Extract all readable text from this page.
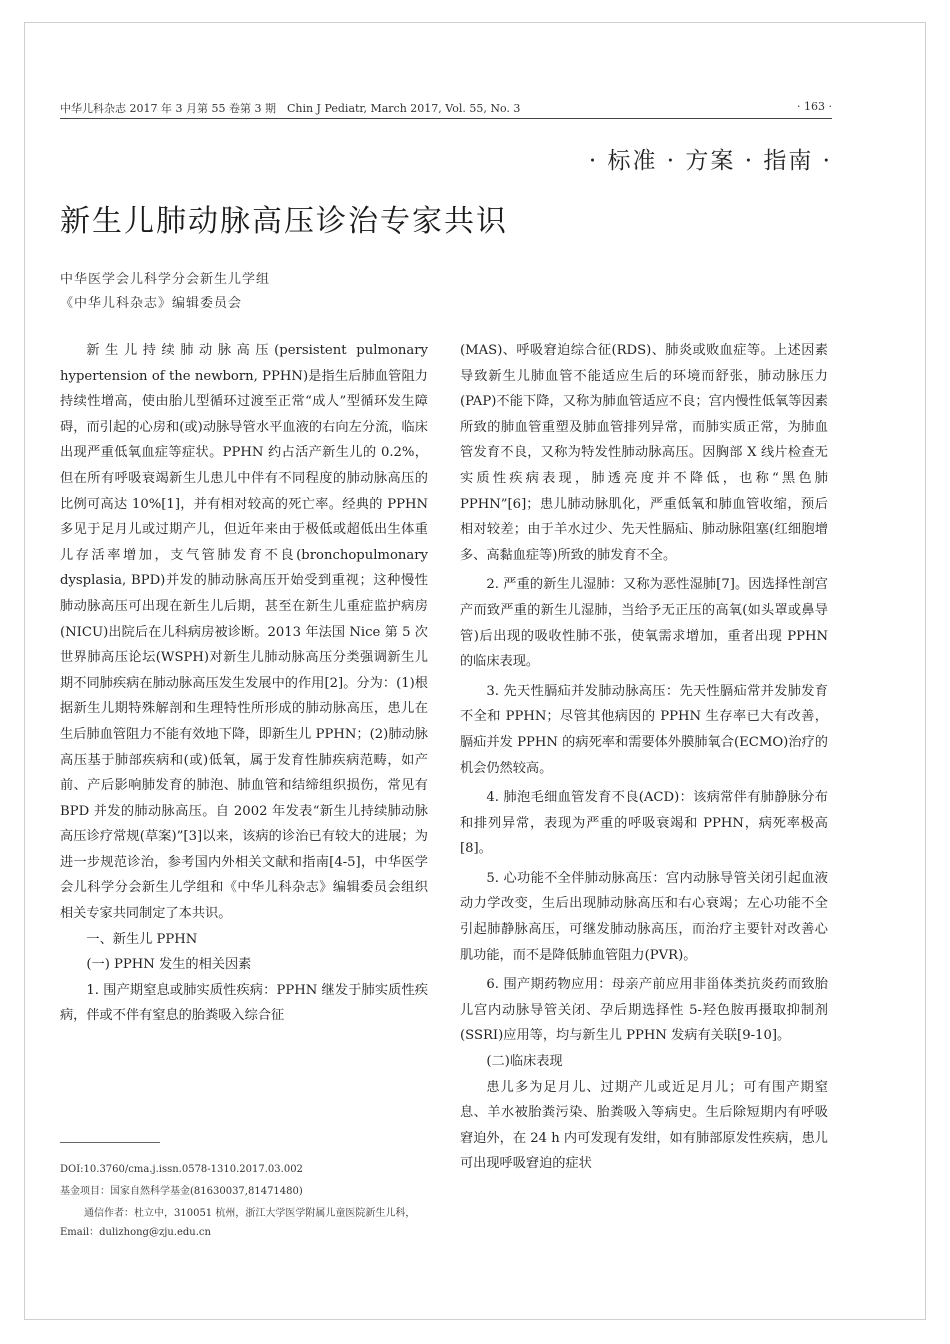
中华儿科杂志 2017 年 3 月第 55 卷第 3 期　Chin J Pediatr, March 2017, Vol. 55, No. 3	· 163 ·
· 标准 · 方案 · 指南 ·
新生儿肺动脉高压诊治专家共识
中华医学会儿科学分会新生儿学组
《中华儿科杂志》编辑委员会

新生儿持续肺动脉高压(persistent pulmonary hypertension of the newborn, PPHN)是指生后肺血管阻力持续性增高，使由胎儿型循环过渡至正常“成人”型循环发生障碍，而引起的心房和(或)动脉导管水平血液的右向左分流，临床出现严重低氧血症等症状。PPHN 约占活产新生儿的 0.2%，但在所有呼吸衰竭新生儿患儿中伴有不同程度的肺动脉高压的比例可高达 10%[1]，并有相对较高的死亡率。经典的 PPHN 多见于足月儿或过期产儿，但近年来由于极低或超低出生体重儿存活率增加，支气管肺发育不良(bronchopulmonary dysplasia, BPD)并发的肺动脉高压开始受到重视；这种慢性肺动脉高压可出现在新生儿后期，甚至在新生儿重症监护病房(NICU)出院后在儿科病房被诊断。2013 年法国 Nice 第 5 次世界肺高压论坛(WSPH)对新生儿肺动脉高压分类强调新生儿期不同肺疾病在肺动脉高压发生发展中的作用[2]。分为：(1)根据新生儿期特殊解剖和生理特性所形成的肺动脉高压，患儿在生后肺血管阻力不能有效地下降，即新生儿 PPHN；(2)肺动脉高压基于肺部疾病和(或)低氧，属于发育性肺疾病范畴，如产前、产后影响肺发育的肺泡、肺血管和结缔组织损伤，常见有 BPD 并发的肺动脉高压。自 2002 年发表“新生儿持续肺动脉高压诊疗常规(草案)”[3]以来，该病的诊治已有较大的进展；为进一步规范诊治，参考国内外相关文献和指南[4-5]，中华医学会儿科学分会新生儿学组和《中华儿科杂志》编辑委员会组织相关专家共同制定了本共识。

一、新生儿 PPHN

(一) PPHN 发生的相关因素

1. 围产期窒息或肺实质性疾病：PPHN 继发于肺实质性疾病，伴或不伴有窒息的胎粪吸入综合征

(MAS)、呼吸窘迫综合征(RDS)、肺炎或败血症等。上述因素导致新生儿肺血管不能适应生后的环境而舒张，肺动脉压力(PAP)不能下降，又称为肺血管适应不良；宫内慢性低氧等因素所致的肺血管重塑及肺血管排列异常，而肺实质正常，为肺血管发育不良，又称为特发性肺动脉高压。因胸部 X 线片检查无实质性疾病表现，肺透亮度并不降低，也称“黑色肺 PPHN”[6]；患儿肺动脉肌化，严重低氧和肺血管收缩，预后相对较差；由于羊水过少、先天性膈疝、肺动脉阻塞(红细胞增多、高黏血症等)所致的肺发育不全。

2. 严重的新生儿湿肺：又称为恶性湿肺[7]。因选择性剖宫产而致严重的新生儿湿肺，当给予无正压的高氧(如头罩或鼻导管)后出现的吸收性肺不张，使氧需求增加，重者出现 PPHN 的临床表现。

3. 先天性膈疝并发肺动脉高压：先天性膈疝常并发肺发育不全和 PPHN；尽管其他病因的 PPHN 生存率已大有改善，膈疝并发 PPHN 的病死率和需要体外膜肺氧合(ECMO)治疗的机会仍然较高。

4. 肺泡毛细血管发育不良(ACD)：该病常伴有肺静脉分布和排列异常，表现为严重的呼吸衰竭和 PPHN，病死率极高[8]。

5. 心功能不全伴肺动脉高压：宫内动脉导管关闭引起血液动力学改变，生后出现肺动脉高压和右心衰竭；左心功能不全引起肺静脉高压，可继发肺动脉高压，而治疗主要针对改善心肌功能，而不是降低肺血管阻力(PVR)。

6. 围产期药物应用：母亲产前应用非甾体类抗炎药而致胎儿宫内动脉导管关闭、孕后期选择性 5-羟色胺再摄取抑制剂(SSRI)应用等，均与新生儿 PPHN 发病有关联[9-10]。

(二)临床表现

患儿多为足月儿、过期产儿或近足月儿；可有围产期窒息、羊水被胎粪污染、胎粪吸入等病史。生后除短期内有呼吸窘迫外，在 24 h 内可发现有发绀，如有肺部原发性疾病，患儿可出现呼吸窘迫的症状

DOI:10.3760/cma.j.issn.0578-1310.2017.03.002
基金项目：国家自然科学基金(81630037,81471480)
通信作者：杜立中，310051 杭州，浙江大学医学附属儿童医院新生儿科，Email：dulizhong@zju.edu.cn
